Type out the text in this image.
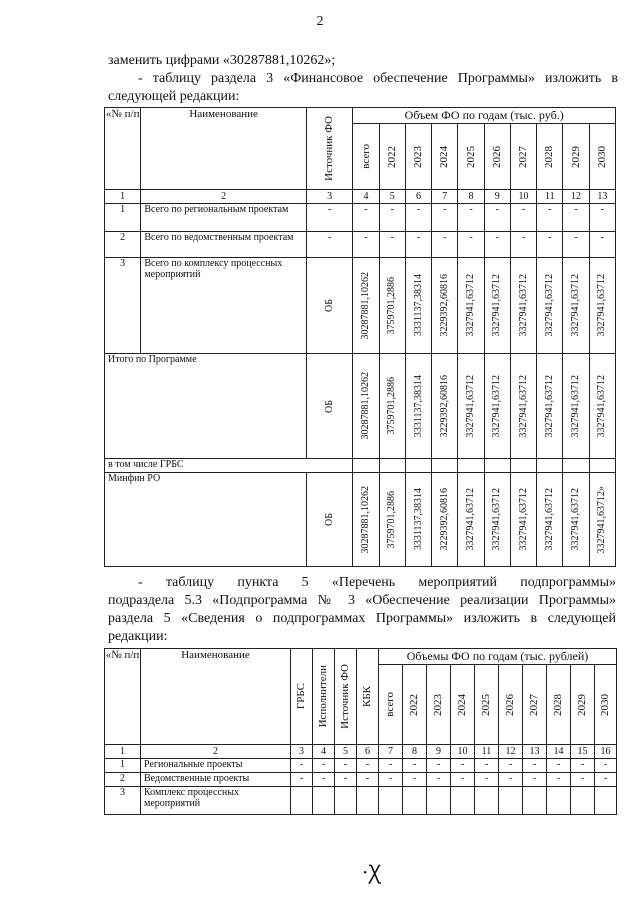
2
заменить цифрами «30287881,10262»;
- таблицу раздела 3 «Финансовое обеспечение Программы» изложить в
следующей редакции:
«№ п/п	Наименование	Источник ФО	Объем ФО по годам (тыс. руб.)									

			всего	2022	2023	2024	2025	2026	2027	2028	2029	2030

1	2	3	4	5	6	7	8	9	10	11	12	13
1	Всего по региональным проектам	-	-	-	-	-	-	-	-	-	-	-
2	Всего по ведомственным проектам	-	-	-	-	-	-	-	-	-	-	-
3	Всего по комплексу процессных мероприятий	ОБ	30287881,10262	3759701,2886	3331137,38314	3229392,60816	3327941,63712	3327941,63712	3327941,63712	3327941,63712	3327941,63712	3327941,63712

Итого по Программе		ОБ	30287881,10262	3759701,2886	3331137,38314	3229392,60816	3327941,63712	3327941,63712	3327941,63712	3327941,63712	3327941,63712	3327941,63712

в том числе ГРБС												
Минфин РО		ОБ	30287881,10262	3759701,2886	3331137,38314	3229392,60816	3327941,63712	3327941,63712	3327941,63712	3327941,63712	3327941,63712	3327941,63712»
- таблицу пункта 5 «Перечень мероприятий подпрограммы»
подраздела 5.3 «Подпрограмма № 3 «Обеспечение реализации Программы»
раздела 5 «Сведения о подпрограммах Программы» изложить в следующей
редакции:
«№ п/п	Наименование	ГРБС	Исполнители	Источник ФО	КБК	Объемы ФО по годам (тыс. рублей)									

						всего	2022	2023	2024	2025	2026	2027	2028	2029	2030

1	2	3	4	5	6	7	8	9	10	11	12	13	14	15	16
1	Региональные проекты	-	-	-	-	-	-	-	-	-	-	-	-	-	-
2	Ведомственные проекты	-	-	-	-	-	-	-	-	-	-	-	-	-	-
3	Комплекс процессных мероприятий														
·Ꭓ
